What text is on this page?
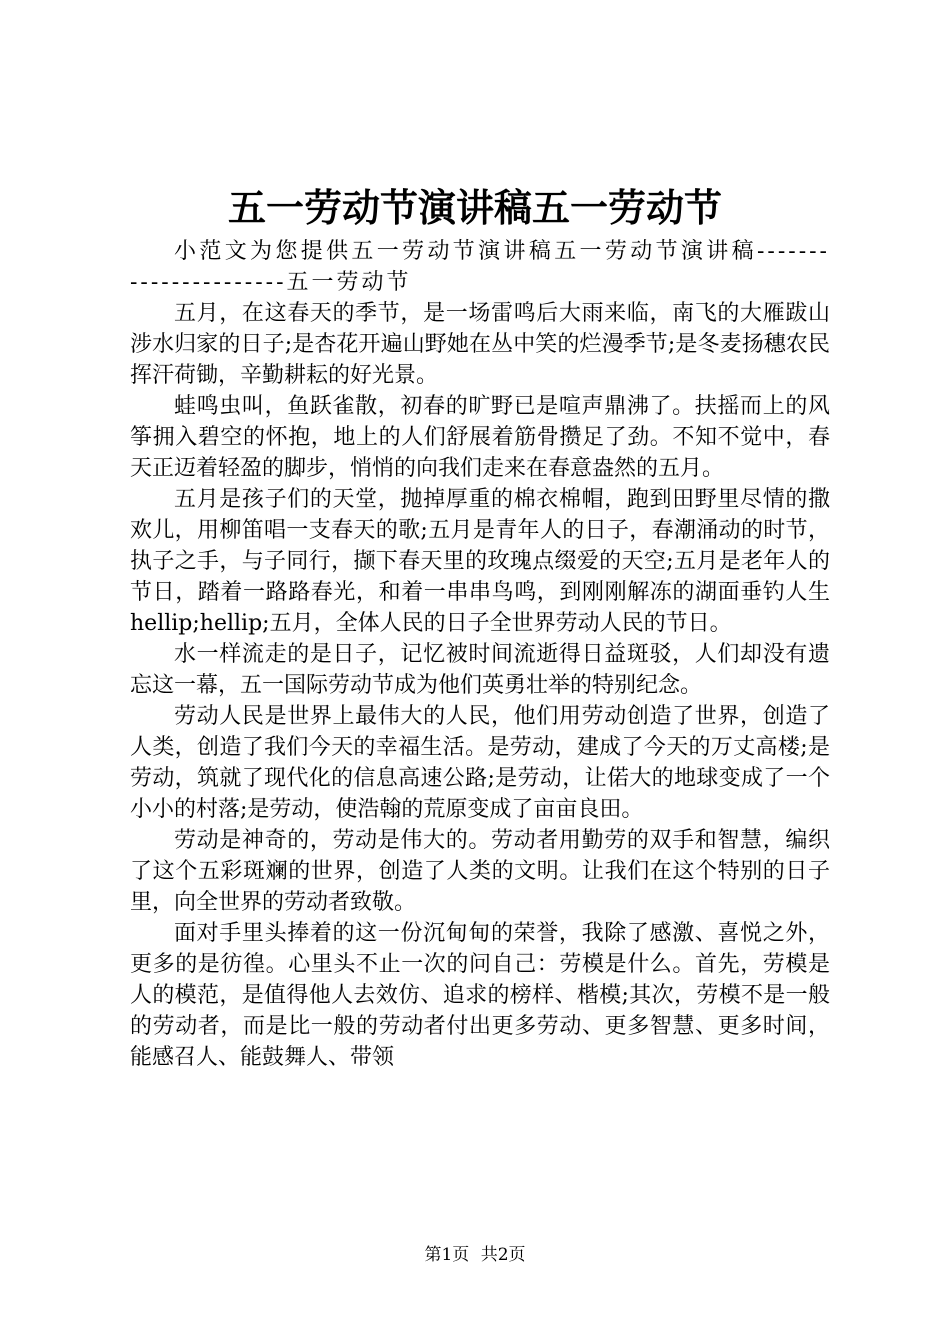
五一劳动节演讲稿五一劳动节

小范文为您提供五一劳动节演讲稿五一劳动节演讲稿----------------------五一劳动节

五月，在这春天的季节，是一场雷鸣后大雨来临，南飞的大雁跋山涉水归家的日子;是杏花开遍山野她在丛中笑的烂漫季节;是冬麦扬穗农民挥汗荷锄，辛勤耕耘的好光景。

蛙鸣虫叫，鱼跃雀散，初春的旷野已是喧声鼎沸了。扶摇而上的风筝拥入碧空的怀抱，地上的人们舒展着筋骨攒足了劲。不知不觉中，春天正迈着轻盈的脚步，悄悄的向我们走来在春意盎然的五月。

五月是孩子们的天堂，抛掉厚重的棉衣棉帽，跑到田野里尽情的撒欢儿，用柳笛唱一支春天的歌;五月是青年人的日子，春潮涌动的时节，执子之手，与子同行，撷下春天里的玫瑰点缀爱的天空;五月是老年人的节日，踏着一路路春光，和着一串串鸟鸣，到刚刚解冻的湖面垂钓人生hellip;hellip;五月，全体人民的日子全世界劳动人民的节日。

水一样流走的是日子，记忆被时间流逝得日益斑驳，人们却没有遗忘这一幕，五一国际劳动节成为他们英勇壮举的特别纪念。

劳动人民是世界上最伟大的人民，他们用劳动创造了世界，创造了人类，创造了我们今天的幸福生活。是劳动，建成了今天的万丈高楼;是劳动，筑就了现代化的信息高速公路;是劳动，让偌大的地球变成了一个小小的村落;是劳动，使浩翰的荒原变成了亩亩良田。

劳动是神奇的，劳动是伟大的。劳动者用勤劳的双手和智慧，编织了这个五彩斑斓的世界，创造了人类的文明。让我们在这个特别的日子里，向全世界的劳动者致敬。

面对手里头捧着的这一份沉甸甸的荣誉，我除了感激、喜悦之外，更多的是彷徨。心里头不止一次的问自己：劳模是什么。首先，劳模是人的模范，是值得他人去效仿、追求的榜样、楷模;其次，劳模不是一般的劳动者，而是比一般的劳动者付出更多劳动、更多智慧、更多时间，能感召人、能鼓舞人、带领

第1页 共2页
